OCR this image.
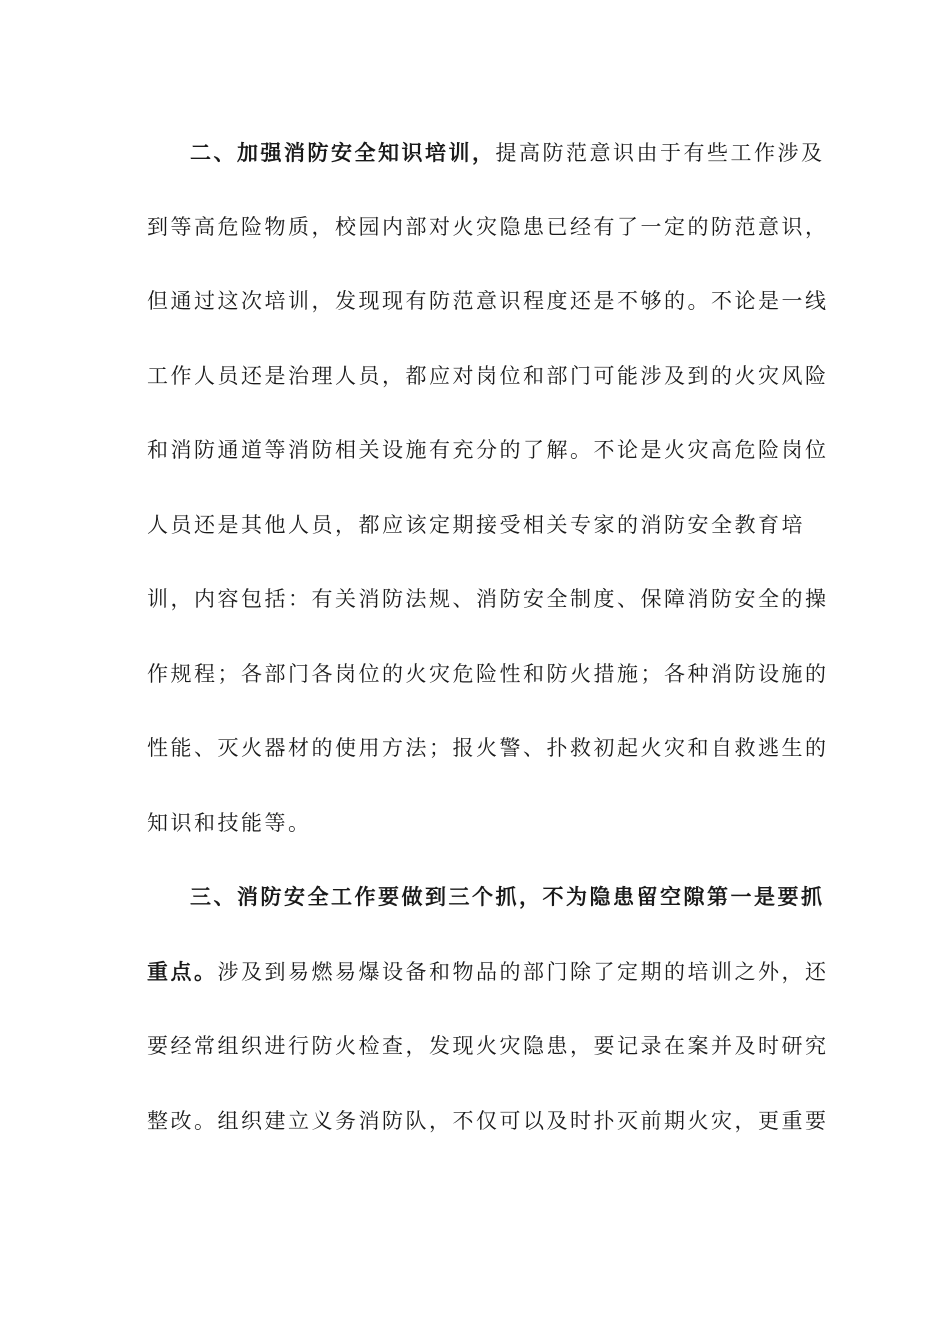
二、加强消防安全知识培训，提高防范意识由于有些工作涉及
到等高危险物质，校园内部对火灾隐患已经有了一定的防范意识，
但通过这次培训，发现现有防范意识程度还是不够的。不论是一线
工作人员还是治理人员，都应对岗位和部门可能涉及到的火灾风险
和消防通道等消防相关设施有充分的了解。不论是火灾高危险岗位
人员还是其他人员，都应该定期接受相关专家的消防安全教育培
训，内容包括：有关消防法规、消防安全制度、保障消防安全的操
作规程；各部门各岗位的火灾危险性和防火措施；各种消防设施的
性能、灭火器材的使用方法；报火警、扑救初起火灾和自救逃生的
知识和技能等。
三、消防安全工作要做到三个抓，不为隐患留空隙第一是要抓
重点。涉及到易燃易爆设备和物品的部门除了定期的培训之外，还
要经常组织进行防火检查，发现火灾隐患，要记录在案并及时研究
整改。组织建立义务消防队，不仅可以及时扑灭前期火灾，更重要
